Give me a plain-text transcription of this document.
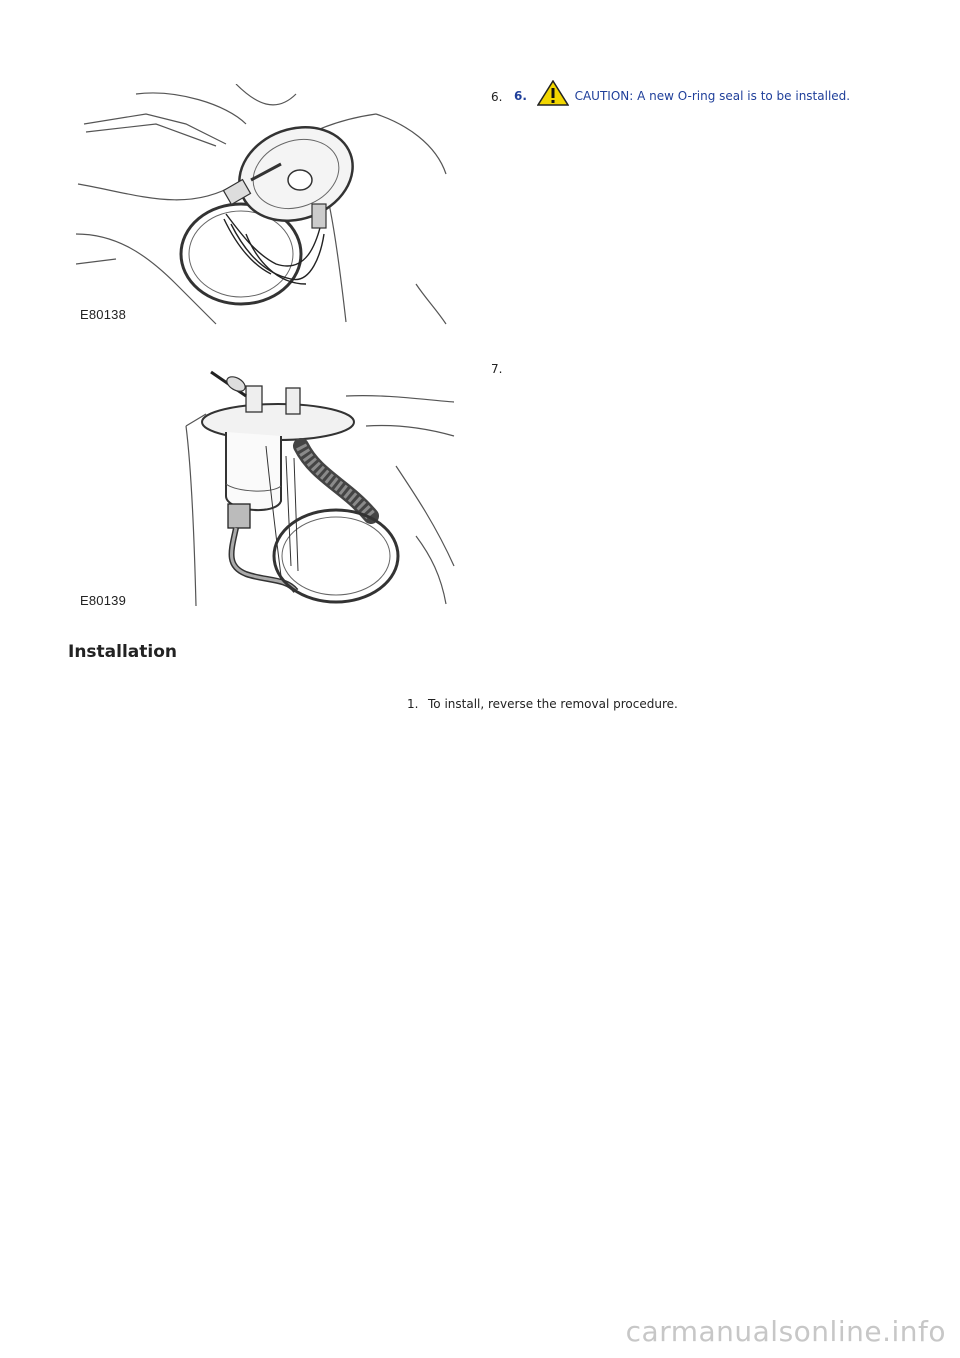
E80138
6. 6.	CAUTION: A new O-ring seal is to be installed.
E80139
7.
Installation
1. To install, reverse the removal procedure.
carmanualsonline.info
